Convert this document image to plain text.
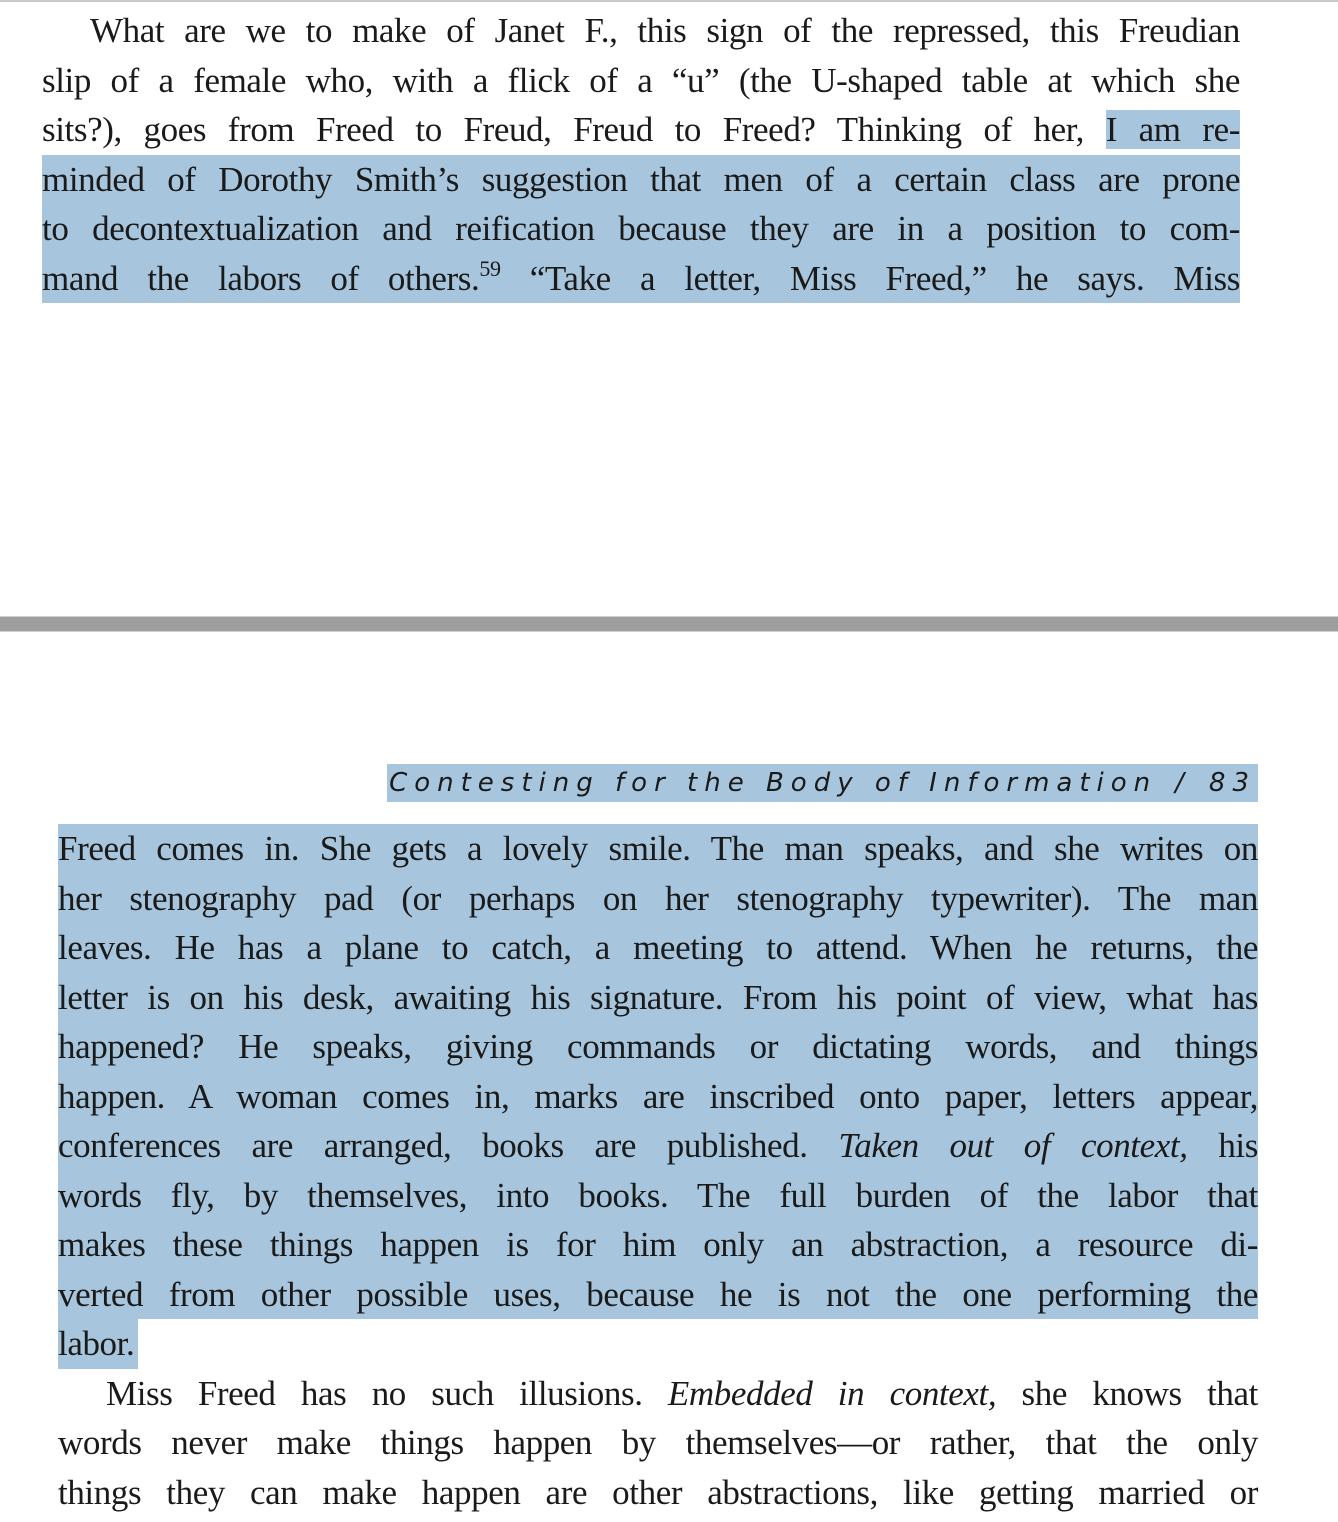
What are we to make of Janet F., this sign of the repressed, this Freudian
slip of a female who, with a flick of a “u” (the U-shaped table at which she
sits?), goes from Freed to Freud, Freud to Freed? Thinking of her, I am re-
minded of Dorothy Smith’s suggestion that men of a certain class are prone
to decontextualization and reification because they are in a position to com-
mand the labors of others.$^{59}$ “Take a letter, Miss Freed,” he says. Miss
Contesting for the Body of Information / 83
Freed comes in. She gets a lovely smile. The man speaks, and she writes on
her stenography pad (or perhaps on her stenography typewriter). The man
leaves. He has a plane to catch, a meeting to attend. When he returns, the
letter is on his desk, awaiting his signature. From his point of view, what has
happened? He speaks, giving commands or dictating words, and things
happen. A woman comes in, marks are inscribed onto paper, letters appear,
conferences are arranged, books are published. Taken out of context, his
words fly, by themselves, into books. The full burden of the labor that
makes these things happen is for him only an abstraction, a resource di-
verted from other possible uses, because he is not the one performing the
labor.
Miss Freed has no such illusions. Embedded in context, she knows that
words never make things happen by themselves—or rather, that the only
things they can make happen are other abstractions, like getting married or
